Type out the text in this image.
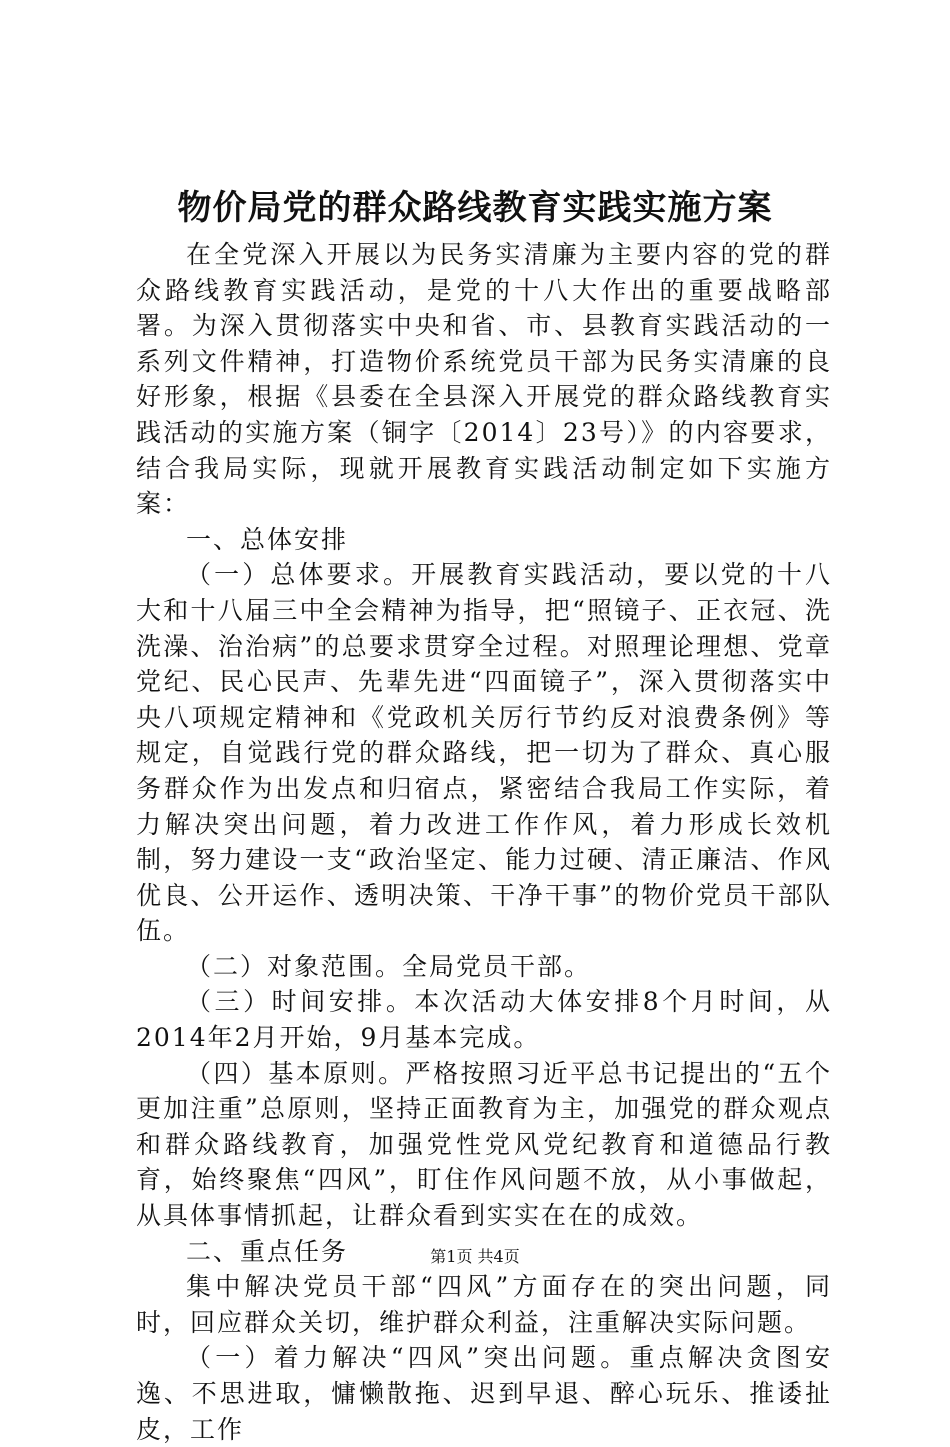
物价局党的群众路线教育实践实施方案

在全党深入开展以为民务实清廉为主要内容的党的群众路线教育实践活动，是党的十八大作出的重要战略部署。为深入贯彻落实中央和省、市、县教育实践活动的一系列文件精神，打造物价系统党员干部为民务实清廉的良好形象，根据《县委在全县深入开展党的群众路线教育实践活动的实施方案（铜字〔2014〕23号）》的内容要求，结合我局实际，现就开展教育实践活动制定如下实施方案：

一、总体安排

（一）总体要求。开展教育实践活动，要以党的十八大和十八届三中全会精神为指导，把“照镜子、正衣冠、洗洗澡、治治病”的总要求贯穿全过程。对照理论理想、党章党纪、民心民声、先辈先进“四面镜子”，深入贯彻落实中央八项规定精神和《党政机关厉行节约反对浪费条例》等规定，自觉践行党的群众路线，把一切为了群众、真心服务群众作为出发点和归宿点，紧密结合我局工作实际，着力解决突出问题，着力改进工作作风，着力形成长效机制，努力建设一支“政治坚定、能力过硬、清正廉洁、作风优良、公开运作、透明决策、干净干事”的物价党员干部队伍。

（二）对象范围。全局党员干部。

（三）时间安排。本次活动大体安排8个月时间，从2014年2月开始，9月基本完成。

（四）基本原则。严格按照习近平总书记提出的“五个更加注重”总原则，坚持正面教育为主，加强党的群众观点和群众路线教育，加强党性党风党纪教育和道德品行教育，始终聚焦“四风”，盯住作风问题不放，从小事做起，从具体事情抓起，让群众看到实实在在的成效。

二、重点任务

集中解决党员干部“四风”方面存在的突出问题，同时，回应群众关切，维护群众利益，注重解决实际问题。

（一）着力解决“四风”突出问题。重点解决贪图安逸、不思进取，慵懒散拖、迟到早退、醉心玩乐、推诿扯皮，工作

第1页 共4页
